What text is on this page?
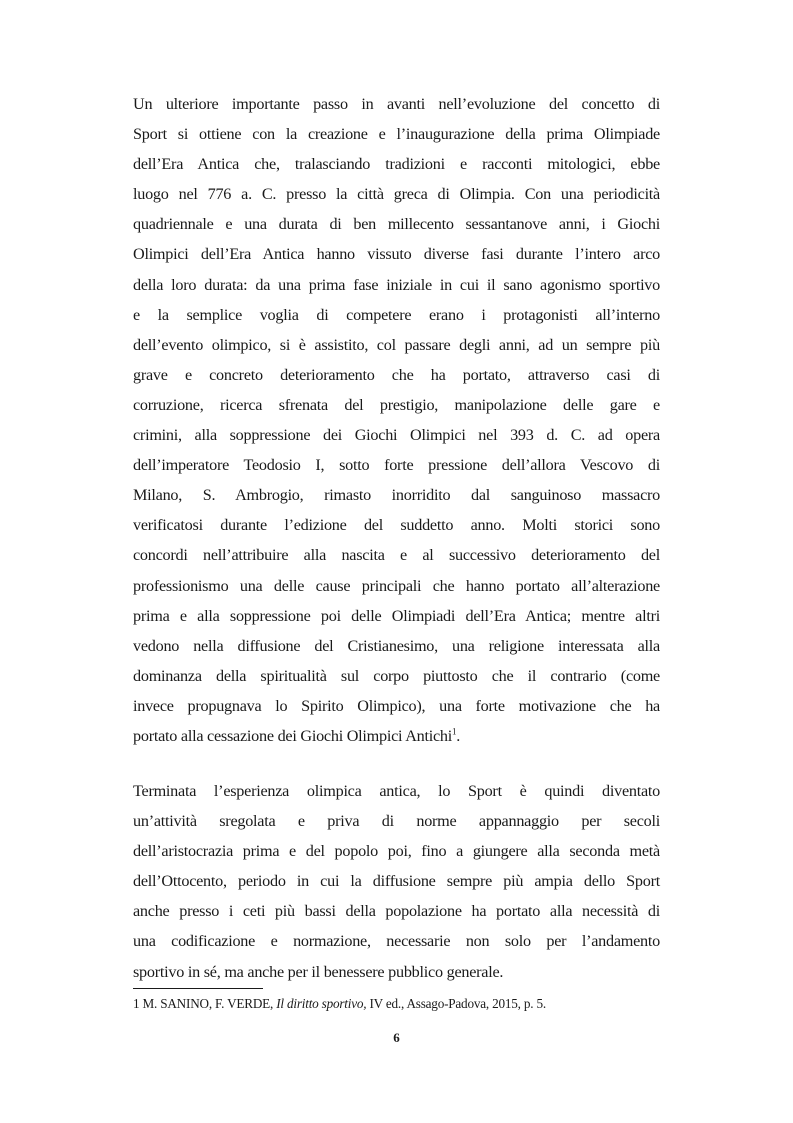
Un ulteriore importante passo in avanti nell’evoluzione del concetto di
Sport si ottiene con la creazione e l’inaugurazione della prima Olimpiade
dell’Era Antica che, tralasciando tradizioni e racconti mitologici, ebbe
luogo nel 776 a. C. presso la città greca di Olimpia. Con una periodicità
quadriennale e una durata di ben millecento sessantanove anni, i Giochi
Olimpici dell’Era Antica hanno vissuto diverse fasi durante l’intero arco
della loro durata: da una prima fase iniziale in cui il sano agonismo sportivo
e la semplice voglia di competere erano i protagonisti all’interno
dell’evento olimpico, si è assistito, col passare degli anni, ad un sempre più
grave e concreto deterioramento che ha portato, attraverso casi di
corruzione, ricerca sfrenata del prestigio, manipolazione delle gare e
crimini, alla soppressione dei Giochi Olimpici nel 393 d. C. ad opera
dell’imperatore Teodosio I, sotto forte pressione dell’allora Vescovo di
Milano, S. Ambrogio, rimasto inorridito dal sanguinoso massacro
verificatosi durante l’edizione del suddetto anno. Molti storici sono
concordi nell’attribuire alla nascita e al successivo deterioramento del
professionismo una delle cause principali che hanno portato all’alterazione
prima e alla soppressione poi delle Olimpiadi dell’Era Antica; mentre altri
vedono nella diffusione del Cristianesimo, una religione interessata alla
dominanza della spiritualità sul corpo piuttosto che il contrario (come
invece propugnava lo Spirito Olimpico), una forte motivazione che ha
portato alla cessazione dei Giochi Olimpici Antichi$^1$.
Terminata l’esperienza olimpica antica, lo Sport è quindi diventato
un’attività sregolata e priva di norme appannaggio per secoli
dell’aristocrazia prima e del popolo poi, fino a giungere alla seconda metà
dell’Ottocento, periodo in cui la diffusione sempre più ampia dello Sport
anche presso i ceti più bassi della popolazione ha portato alla necessità di
una codificazione e normazione, necessarie non solo per l’andamento
sportivo in sé, ma anche per il benessere pubblico generale.
1 M. SANINO, F. VERDE, Il diritto sportivo, IV ed., Assago-Padova, 2015, p. 5.
6
